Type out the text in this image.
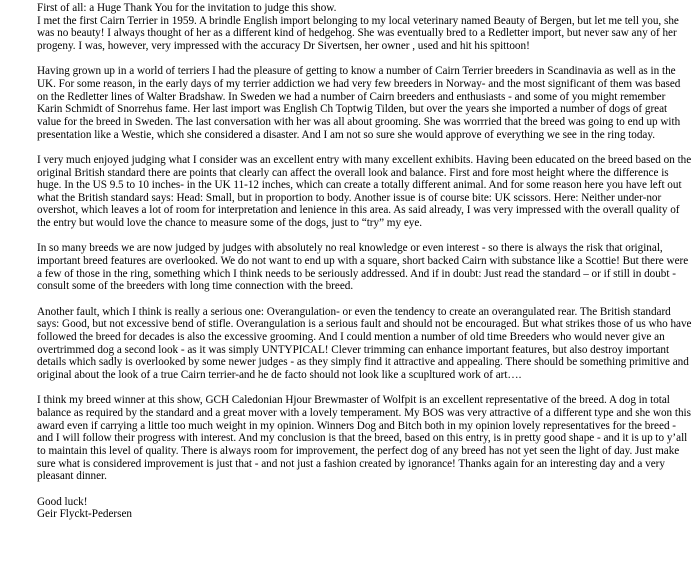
First of all: a Huge Thank You for the invitation to judge this show.

I met the first Cairn Terrier in 1959. A brindle English import belonging to my local veterinary named Beauty of Bergen, but let me tell you, she was no beauty! I always thought of her as a different kind of hedgehog. She was eventually bred to a Redletter import, but never saw any of her progeny. I was, however, very impressed with the accuracy Dr Sivertsen, her owner , used and hit his spittoon!

Having grown up in a world of terriers I had the pleasure of getting to know a number of Cairn Terrier breeders in Scandinavia as well as in the UK. For some reason, in the early days of my terrier addiction we had very few breeders in Norway- and the most significant of them was based on the Redletter lines of Walter Bradshaw. In Sweden we had a number of Cairn breeders and enthusiasts - and some of you might remember Karin Schmidt of Snorrehus fame. Her last import was English Ch Toptwig Tilden, but over the years she imported a number of dogs of great value for the breed in Sweden. The last conversation with her was all about grooming. She was worrried that the breed was going to end up with presentation like a Westie, which she considered a disaster. And I am not so sure she would approve of everything we see in the ring today.

I very much enjoyed judging what I consider was an excellent entry with many excellent exhibits. Having been educated on the breed based on the original British standard there are points that clearly can affect the overall look and balance. First and fore most height where the difference is huge. In the US 9.5 to 10 inches- in the UK 11-12 inches, which can create a totally different animal. And for some reason here you have left out what the British standard says: Head: Small, but in proportion to body. Another issue is of course bite: UK scissors. Here: Neither under-nor overshot, which leaves a lot of room for interpretation and lenience in this area. As said already, I was very impressed with the overall quality of the entry but would love the chance to measure some of the dogs, just to “try” my eye.

In so many breeds we are now judged by judges with absolutely no real knowledge or even interest - so there is always the risk that original, important breed features are overlooked. We do not want to end up with a square, short backed Cairn with substance like a Scottie! But there were a few of those in the ring, something which I think needs to be seriously addressed. And if in doubt: Just read the standard – or if still in doubt - consult some of the breeders with long time connection with the breed.

Another fault, which I think is really a serious one: Overangulation- or even the tendency to create an overangulated rear. The British standard says: Good, but not excessive bend of stifle. Overangulation is a serious fault and should not be encouraged. But what strikes those of us who have followed the breed for decades is also the excessive grooming. And I could mention a number of old time Breeders who would never give an overtrimmed dog a second look - as it was simply UNTYPICAL! Clever trimming can enhance important features, but also destroy important details which sadly is overlooked by some newer judges - as they simply find it attractive and appealing. There should be something primitive and original about the look of a true Cairn terrier-and he de facto should not look like a scupltured work of art….

I think my breed winner at this show, GCH Caledonian Hjour Brewmaster of Wolfpit is an excellent representative of the breed. A dog in total balance as required by the standard and a great mover with a lovely temperament. My BOS was very attractive of a different type and she won this award even if carrying a little too much weight in my opinion. Winners Dog and Bitch both in my opinion lovely representatives for the breed - and I will follow their progress with interest. And my conclusion is that the breed, based on this entry, is in pretty good shape - and it is up to y’all to maintain this level of quality. There is always room for improvement, the perfect dog of any breed has not yet seen the light of day. Just make sure what is considered improvement is just that - and not just a fashion created by ignorance! Thanks again for an interesting day and a very pleasant dinner.

Good luck!

Geir Flyckt-Pedersen
